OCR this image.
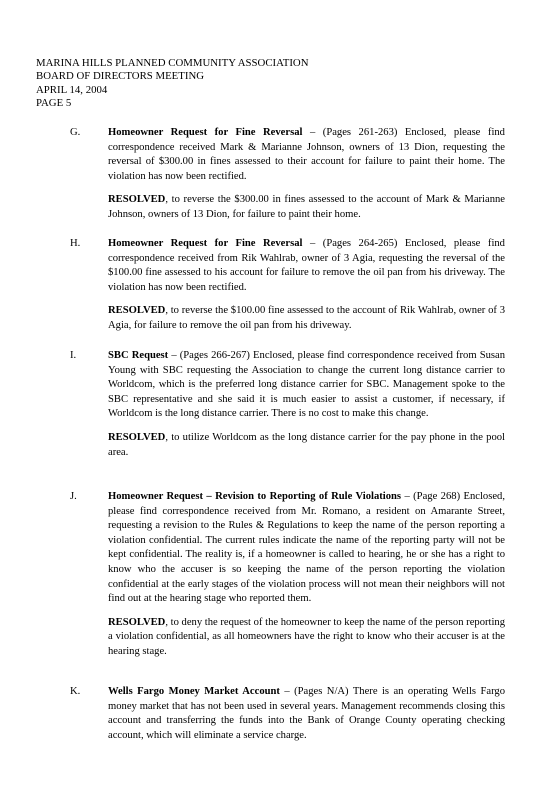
MARINA HILLS PLANNED COMMUNITY ASSOCIATION
BOARD OF DIRECTORS MEETING
APRIL 14, 2004
PAGE 5
G.	Homeowner Request for Fine Reversal – (Pages 261-263) Enclosed, please find correspondence received Mark & Marianne Johnson, owners of 13 Dion, requesting the reversal of $300.00 in fines assessed to their account for failure to paint their home. The violation has now been rectified.

RESOLVED, to reverse the $300.00 in fines assessed to the account of Mark & Marianne Johnson, owners of 13 Dion, for failure to paint their home.

H.	Homeowner Request for Fine Reversal – (Pages 264-265) Enclosed, please find correspondence received from Rik Wahlrab, owner of 3 Agia, requesting the reversal of the $100.00 fine assessed to his account for failure to remove the oil pan from his driveway. The violation has now been rectified.

RESOLVED, to reverse the $100.00 fine assessed to the account of Rik Wahlrab, owner of 3 Agia, for failure to remove the oil pan from his driveway.

I.	SBC Request – (Pages 266-267) Enclosed, please find correspondence received from Susan Young with SBC requesting the Association to change the current long distance carrier to Worldcom, which is the preferred long distance carrier for SBC. Management spoke to the SBC representative and she said it is much easier to assist a customer, if necessary, if Worldcom is the long distance carrier. There is no cost to make this change.

RESOLVED, to utilize Worldcom as the long distance carrier for the pay phone in the pool area.

J.	Homeowner Request – Revision to Reporting of Rule Violations – (Page 268) Enclosed, please find correspondence received from Mr. Romano, a resident on Amarante Street, requesting a revision to the Rules & Regulations to keep the name of the person reporting a violation confidential. The current rules indicate the name of the reporting party will not be kept confidential. The reality is, if a homeowner is called to hearing, he or she has a right to know who the accuser is so keeping the name of the person reporting the violation confidential at the early stages of the violation process will not mean their neighbors will not find out at the hearing stage who reported them.

RESOLVED, to deny the request of the homeowner to keep the name of the person reporting a violation confidential, as all homeowners have the right to know who their accuser is at the hearing stage.

K.	Wells Fargo Money Market Account – (Pages N/A) There is an operating Wells Fargo money market that has not been used in several years. Management recommends closing this account and transferring the funds into the Bank of Orange County operating checking account, which will eliminate a service charge.
